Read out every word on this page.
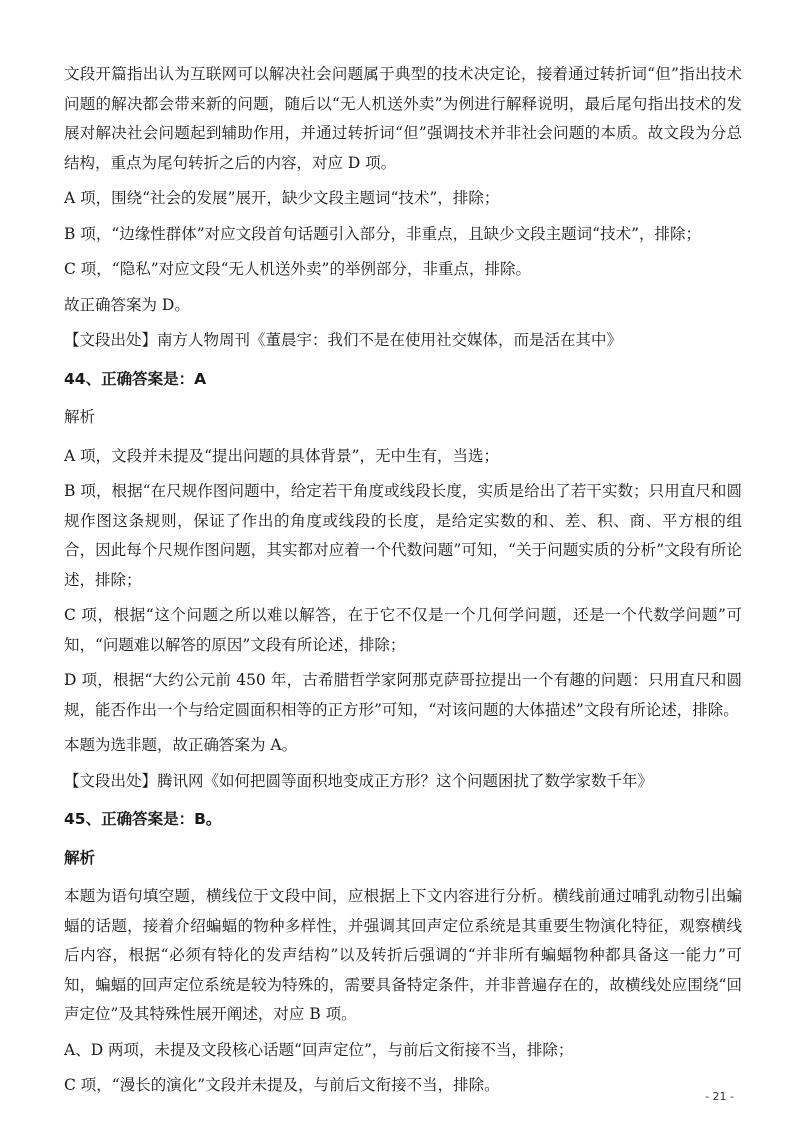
文段开篇指出认为互联网可以解决社会问题属于典型的技术决定论，接着通过转折词“但”指出技术问题的解决都会带来新的问题，随后以“无人机送外卖”为例进行解释说明，最后尾句指出技术的发展对解决社会问题起到辅助作用，并通过转折词“但”强调技术并非社会问题的本质。故文段为分总结构，重点为尾句转折之后的内容，对应 D 项。

A 项，围绕“社会的发展”展开，缺少文段主题词“技术”，排除；

B 项，“边缘性群体”对应文段首句话题引入部分，非重点，且缺少文段主题词“技术”，排除；

C 项，“隐私”对应文段“无人机送外卖”的举例部分，非重点，排除。

故正确答案为 D。

【文段出处】南方人物周刊《董晨宇：我们不是在使用社交媒体，而是活在其中》

44、正确答案是：A

解析

A 项，文段并未提及“提出问题的具体背景”，无中生有，当选；

B 项，根据“在尺规作图问题中，给定若干角度或线段长度，实质是给出了若干实数；只用直尺和圆规作图这条规则，保证了作出的角度或线段的长度，是给定实数的和、差、积、商、平方根的组合，因此每个尺规作图问题，其实都对应着一个代数问题”可知，“关于问题实质的分析”文段有所论述，排除；

C 项，根据“这个问题之所以难以解答，在于它不仅是一个几何学问题，还是一个代数学问题”可知，“问题难以解答的原因”文段有所论述，排除；

D 项，根据“大约公元前 450 年，古希腊哲学家阿那克萨哥拉提出一个有趣的问题：只用直尺和圆规，能否作出一个与给定圆面积相等的正方形”可知，“对该问题的大体描述”文段有所论述，排除。

本题为选非题，故正确答案为 A。

【文段出处】腾讯网《如何把圆等面积地变成正方形？这个问题困扰了数学家数千年》

45、正确答案是：B。
解析

本题为语句填空题，横线位于文段中间，应根据上下文内容进行分析。横线前通过哺乳动物引出蝙蝠的话题，接着介绍蝙蝠的物种多样性，并强调其回声定位系统是其重要生物演化特征，观察横线后内容，根据“必须有特化的发声结构”以及转折后强调的“并非所有蝙蝠物种都具备这一能力”可知，蝙蝠的回声定位系统是较为特殊的，需要具备特定条件，并非普遍存在的，故横线处应围绕“回声定位”及其特殊性展开阐述，对应 B 项。

A、D 两项，未提及文段核心话题“回声定位”，与前后文衔接不当，排除；

C 项，“漫长的演化”文段并未提及，与前后文衔接不当，排除。

- 21 -
